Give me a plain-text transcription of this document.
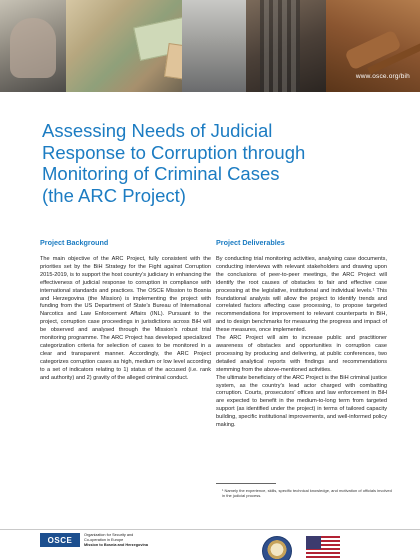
www.osce.org/bih
Assessing Needs of Judicial
Response to Corruption through
Monitoring of Criminal Cases
(the ARC Project)
Project Background

The main objective of the ARC Project, fully consistent with the priorities set by the BiH Strategy for the Fight against Corruption 2015-2019, is to support the host country’s judiciary in enhancing the effectiveness of judicial response to corruption in compliance with international standards and practices. The OSCE Mission to Bosnia and Herzegovina (the Mission) is implementing the project with funding from the US Department of State’s Bureau of International Narcotics and Law Enforcement Affairs (INL). Pursuant to the project, corruption case proceedings in jurisdictions across BiH will be observed and analysed through the Mission’s robust trial monitoring programme. The ARC Project has developed specialized categorization criteria for selection of cases to be monitored in a clear and transparent manner. Accordingly, the ARC Project categorizes corruption cases as high, medium or low level according to a set of indicators relating to 1) status of the accused (i.e. rank and authority) and 2) gravity of the alleged criminal conduct.

Project Deliverables

By conducting trial monitoring activities, analysing case documents, conducting interviews with relevant stakeholders and drawing upon the conclusions of peer-to-peer meetings, the ARC Project will identify the root causes of obstacles to fair and effective case processing at the legislative, institutional and individual levels.¹ This foundational analysis will allow the project to identify trends and correlated factors affecting case processing, to propose targeted recommendations for improvement to relevant counterparts in BiH, and to design benchmarks for measuring the progress and impact of these measures, once implemented.

The ARC Project will aim to increase public and practitioner awareness of obstacles and opportunities in corruption case processing by producing and delivering, at public conferences, two detailed analytical reports with findings and recommendations stemming from the above-mentioned activities.

The ultimate beneficiary of the ARC Project is the BiH criminal justice system, as the country’s lead actor charged with combatting corruption. Courts, prosecutors’ offices and law enforcement in BiH are expected to benefit in the medium-to-long term from targeted support (as identified under the project) in terms of tailored capacity building, specific institutional improvements, and well-informed policy making.

¹ Namely the experience, skills, specific technical knowledge, and motivation of officials involved in the judicial process.
OSCE
Organization for Security and
Co-operation in Europe
Mission to Bosnia and Herzegovina
